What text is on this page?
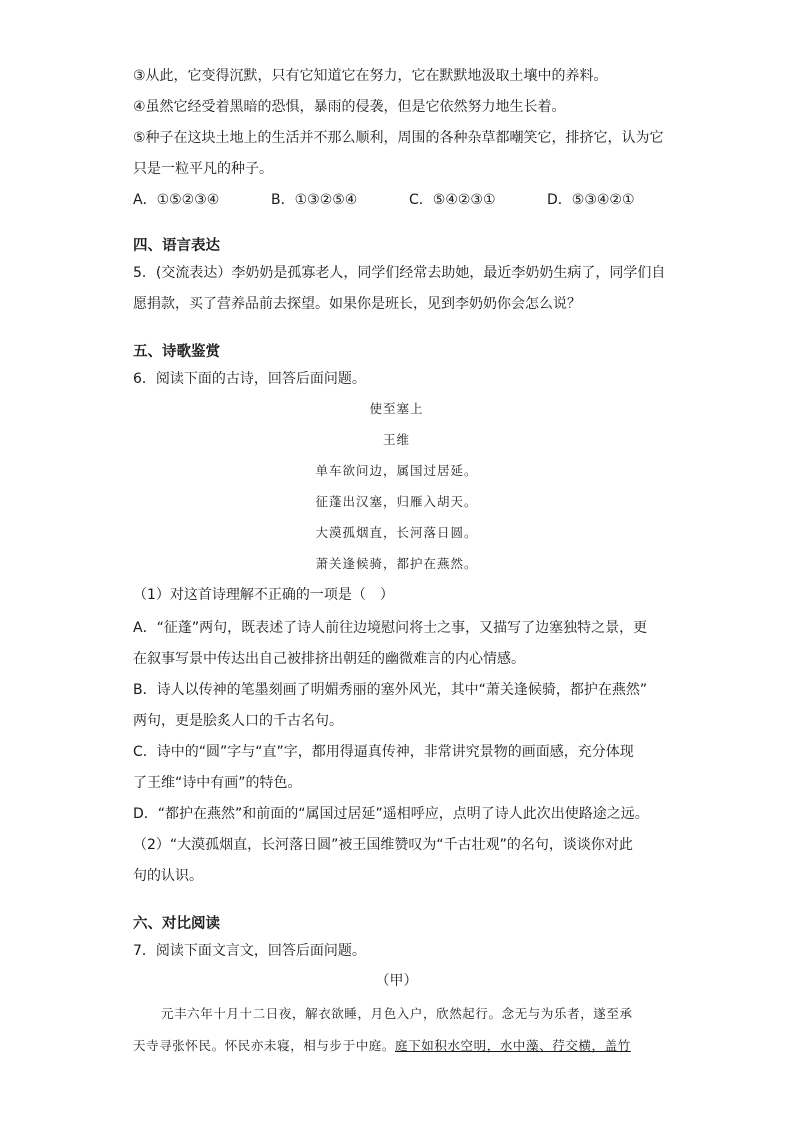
③从此，它变得沉默，只有它知道它在努力，它在默默地汲取土壤中的养料。
④虽然它经受着黑暗的恐惧，暴雨的侵袭，但是它依然努力地生长着。
⑤种子在这块土地上的生活并不那么顺利，周围的各种杂草都嘲笑它，排挤它，认为它
只是一粒平凡的种子。
A．①⑤②③④	B．①③②⑤④	C．⑤④②③①	D．⑤③④②①
四、语言表达
5．(交流表达）李奶奶是孤寡老人，同学们经常去助她，最近李奶奶生病了，同学们自
愿捐款，买了营养品前去探望。如果你是班长，见到李奶奶你会怎么说？
五、诗歌鉴赏
6．阅读下面的古诗，回答后面问题。
使至塞上
王维
单车欲问边，属国过居延。
征蓬出汉塞，归雁入胡天。
大漠孤烟直，长河落日圆。
萧关逢候骑，都护在燕然。
（1）对这首诗理解不正确的一项是（　）
A．“征蓬”两句，既表述了诗人前往边境慰问将士之事，又描写了边塞独特之景，更
在叙事写景中传达出自己被排挤出朝廷的幽微难言的内心情感。
B．诗人以传神的笔墨刻画了明媚秀丽的塞外风光，其中“萧关逢候骑，都护在燕然”
两句，更是脍炙人口的千古名句。
C．诗中的“圆”字与“直”字，都用得逼真传神，非常讲究景物的画面感，充分体现
了王维“诗中有画”的特色。
D．“都护在燕然”和前面的“属国过居延”遥相呼应，点明了诗人此次出使路途之远。
（2）“大漠孤烟直，长河落日圆”被王国维赞叹为“千古壮观”的名句，谈谈你对此
句的认识。
六、对比阅读
7．阅读下面文言文，回答后面问题。
（甲）
元丰六年十月十二日夜，解衣欲睡，月色入户，欣然起行。念无与为乐者，遂至承
天寺寻张怀民。怀民亦未寝，相与步于中庭。庭下如积水空明，水中藻、荇交横，盖竹
